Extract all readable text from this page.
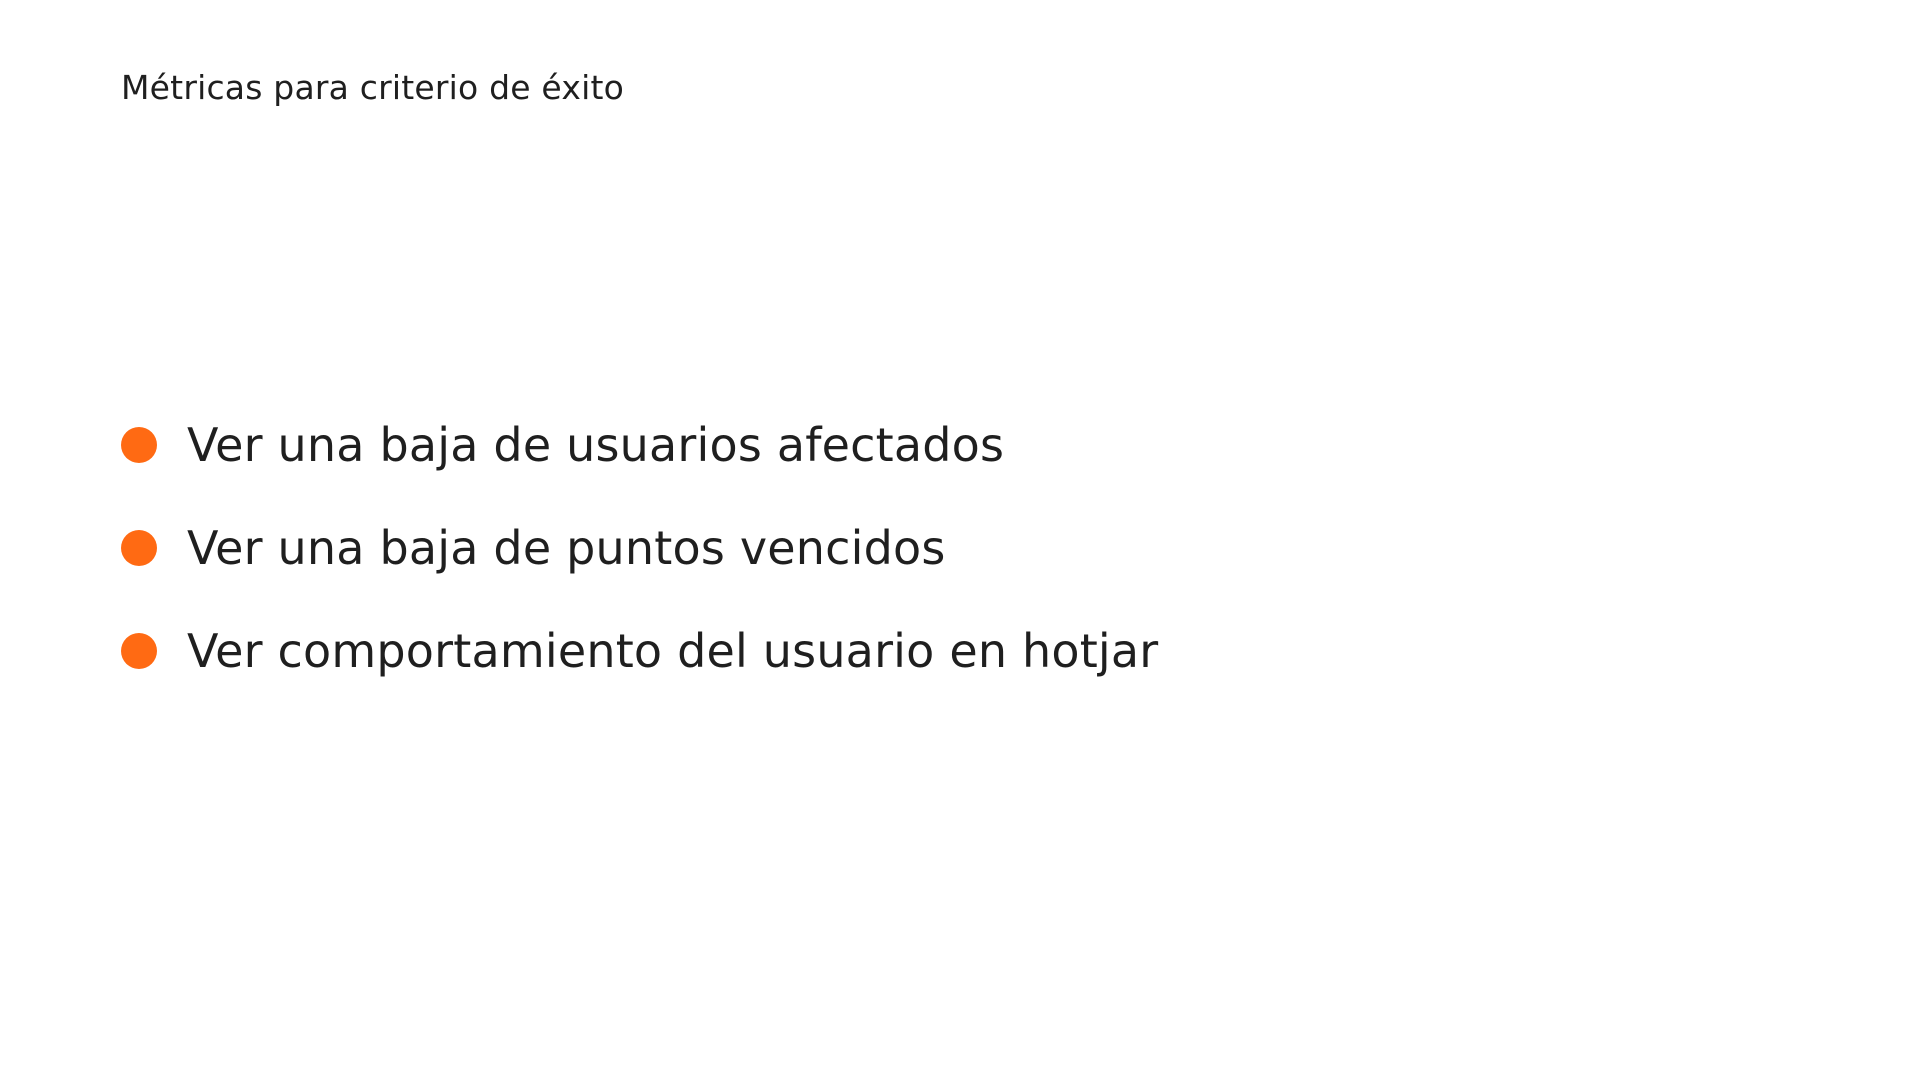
Métricas para criterio de éxito
Ver una baja de usuarios afectados
Ver una baja de puntos vencidos
Ver comportamiento del usuario en hotjar
